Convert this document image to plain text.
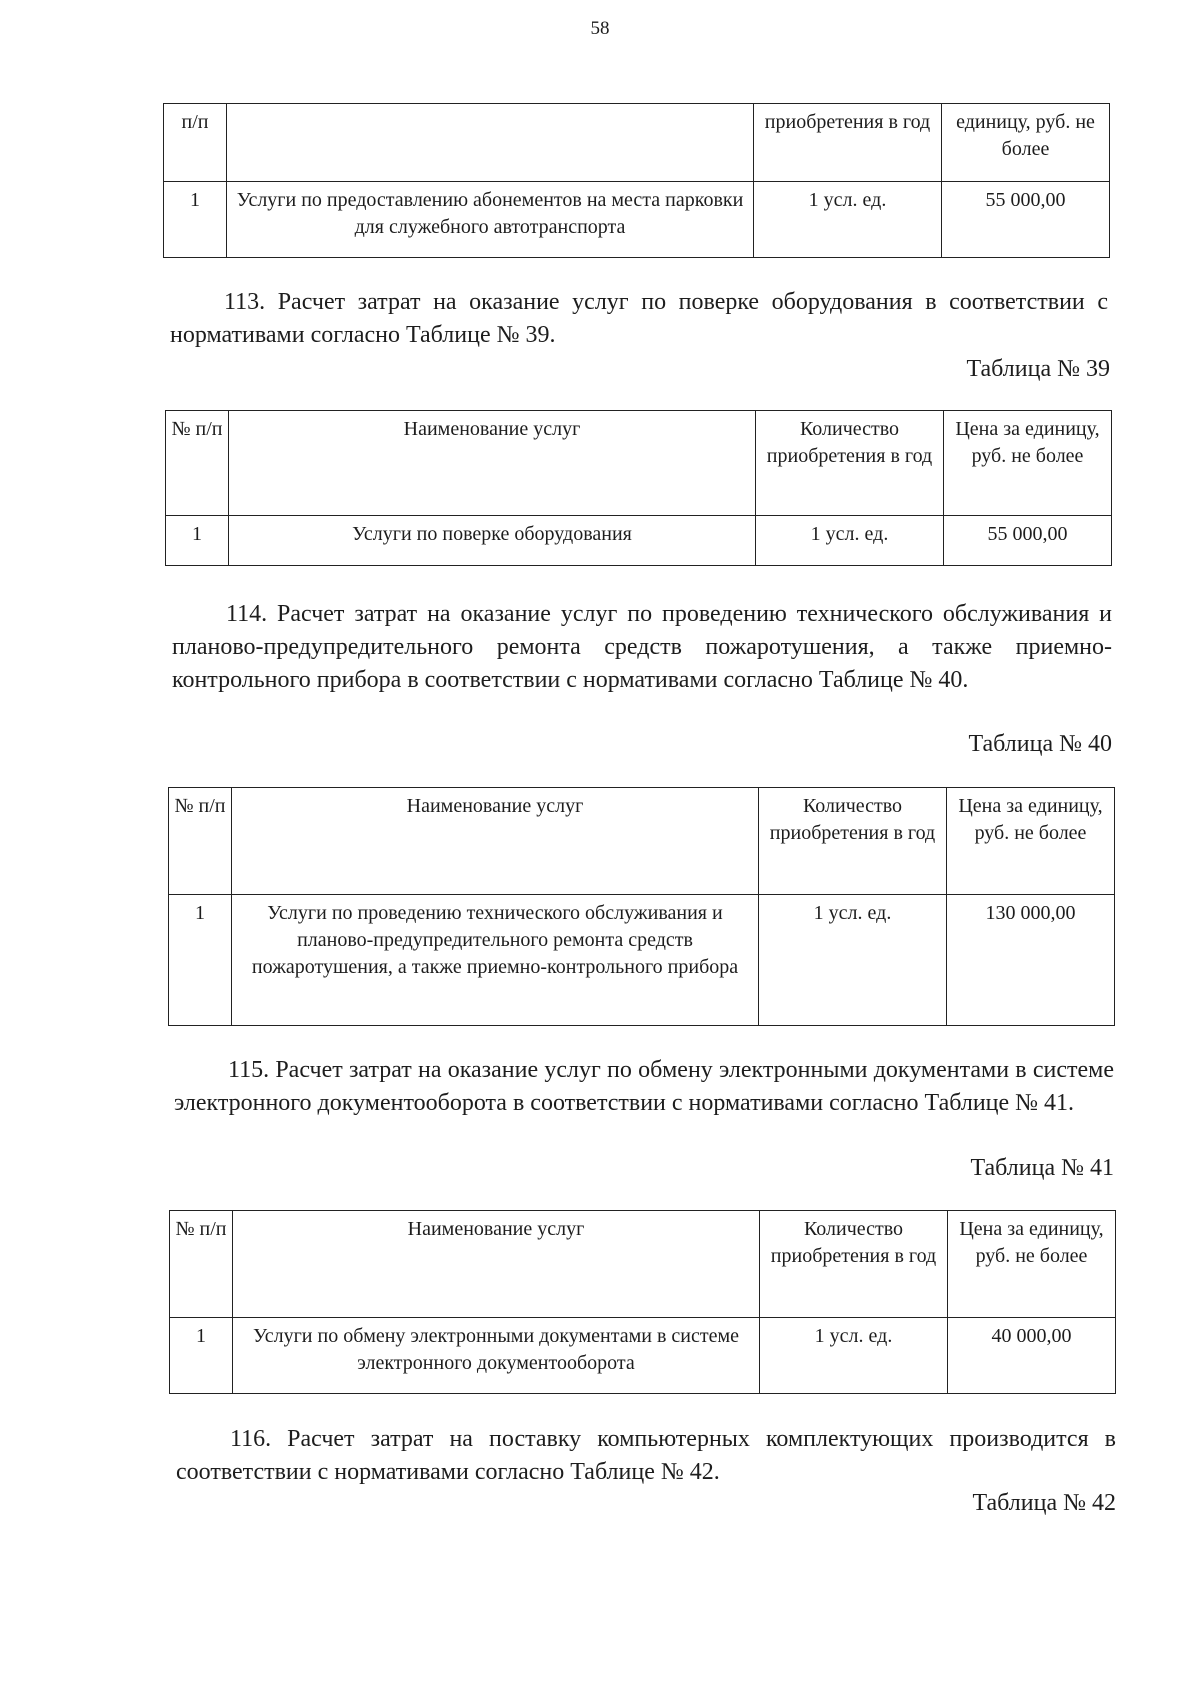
58
п/п		приобретения в год	единицу, руб. не более
1	Услуги по предоставлению абонементов на места парковки для служебного автотранспорта	1 усл. ед.	55 000,00

113. Расчет затрат на оказание услуг по поверке оборудования в соответствии с нормативами согласно Таблице № 39.

Таблица № 39
№ п/п	Наименование услуг	Количество приобретения в год	Цена за единицу, руб. не более
1	Услуги по поверке оборудования	1 усл. ед.	55 000,00

114. Расчет затрат на оказание услуг по проведению технического обслуживания и планово-предупредительного ремонта средств пожаротушения, а также приемно-контрольного прибора в соответствии с нормативами согласно Таблице № 40.

Таблица № 40
№ п/п	Наименование услуг	Количество приобретения в год	Цена за единицу, руб. не более
1	Услуги по проведению технического обслуживания и планово-предупредительного ремонта средств пожаротушения, а также приемно-контрольного прибора	1 усл. ед.	130 000,00

115. Расчет затрат на оказание услуг по обмену электронными документами в системе электронного документооборота в соответствии с нормативами согласно Таблице № 41.

Таблица № 41
№ п/п	Наименование услуг	Количество приобретения в год	Цена за единицу, руб. не более
1	Услуги по обмену электронными документами в системе электронного документооборота	1 усл. ед.	40 000,00

116. Расчет затрат на поставку компьютерных комплектующих производится в соответствии с нормативами согласно Таблице № 42.

Таблица № 42
